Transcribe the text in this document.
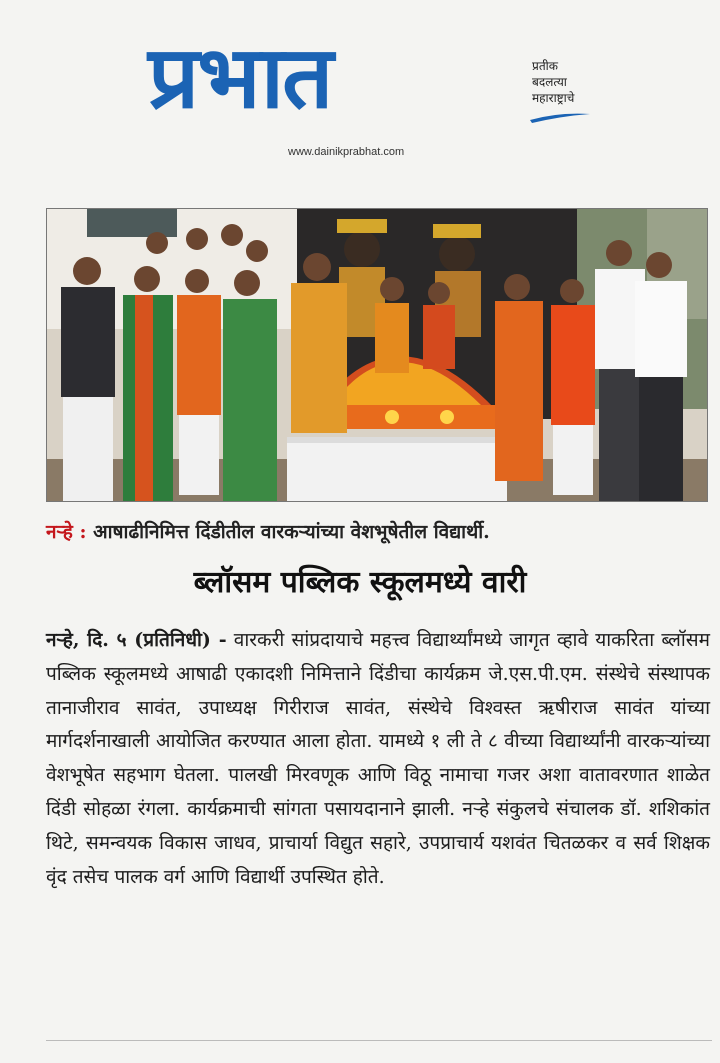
प्रभात	प्रतीक
बदलत्या
महाराष्ट्राचे
www.dainikprabhat.com
नऱ्हे : आषाढीनिमित्त दिंडीतील वारकऱ्यांच्या वेशभूषेतील विद्यार्थी.
ब्लॉसम पब्लिक स्कूलमध्ये वारी
नऱ्हे, दि. ५ (प्रतिनिधी) - वारकरी सांप्रदायाचे महत्त्व विद्यार्थ्यांमध्ये जागृत व्हावे याकरिता ब्लॉसम पब्लिक स्कूलमध्ये आषाढी एकादशी निमित्ताने दिंडीचा कार्यक्रम जे.एस.पी.एम. संस्थेचे संस्थापक तानाजीराव सावंत, उपाध्यक्ष गिरीराज सावंत, संस्थेचे विश्वस्त ऋषीराज सावंत यांच्या मार्गदर्शनाखाली आयोजित करण्यात आला होता. यामध्ये १ ली ते ८ वीच्या विद्यार्थ्यांनी वारकऱ्यांच्या वेशभूषेत सहभाग घेतला. पालखी मिरवणूक आणि विठू नामाचा गजर अशा वातावरणात शाळेत दिंडी सोहळा रंगला. कार्यक्रमाची सांगता पसायदानाने झाली. नऱ्हे संकुलचे संचालक डॉ. शशिकांत थिटे, समन्वयक विकास जाधव, प्राचार्या विद्युत सहारे, उपप्राचार्य यशवंत चितळकर व सर्व शिक्षक वृंद तसेच पालक वर्ग आणि विद्यार्थी उपस्थित होते.
